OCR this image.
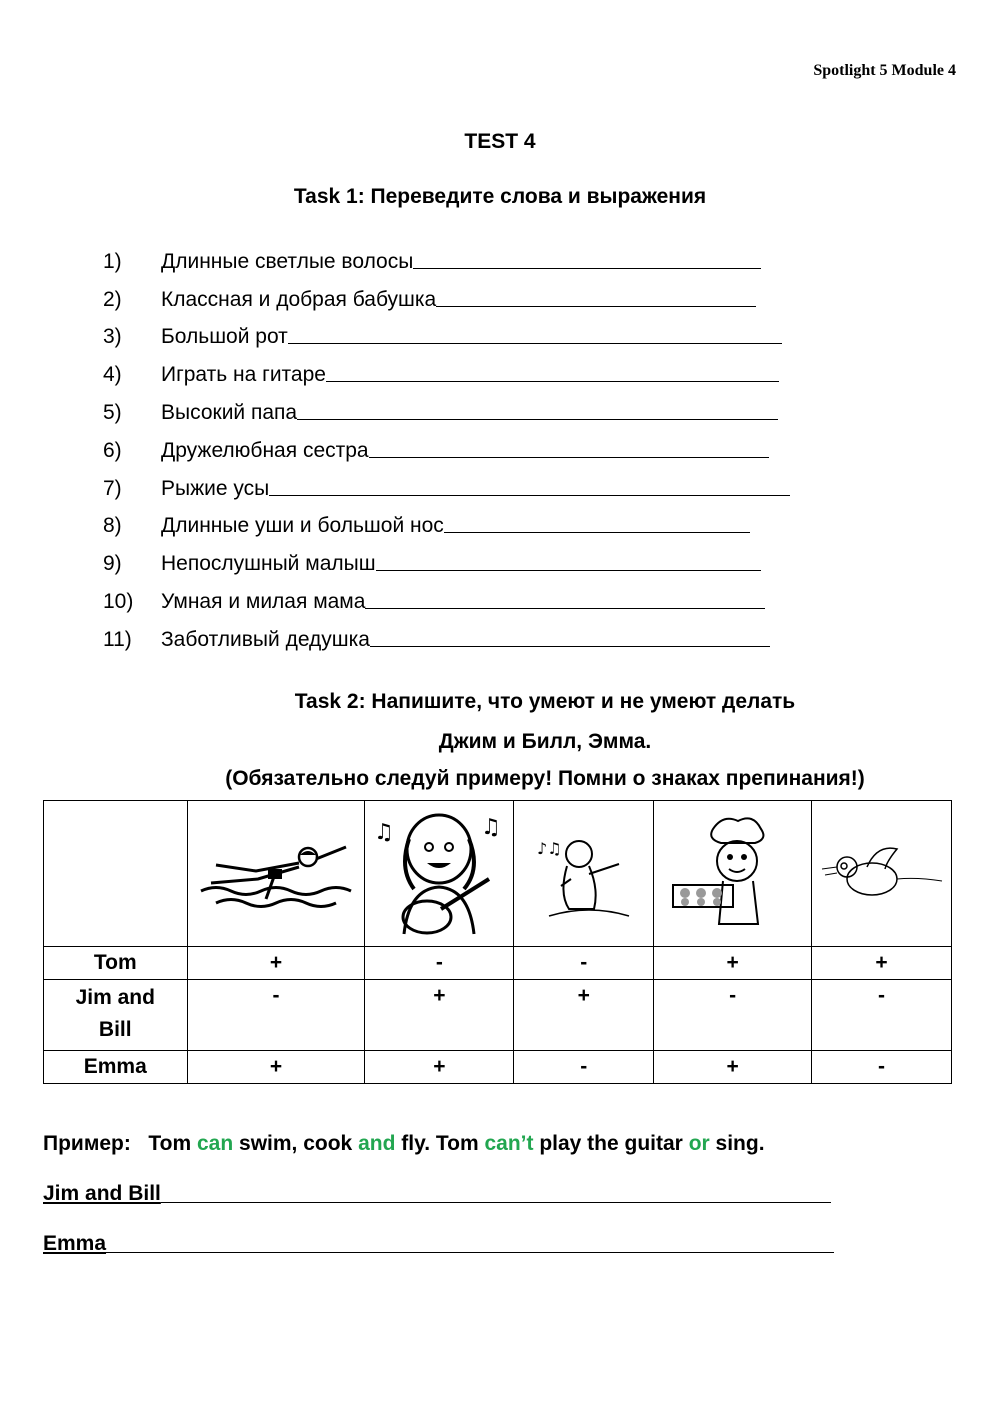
Spotlight 5 Module 4
TEST 4
Task 1: Переведите слова и выражения
1)	Длинные светлые волосы
2)	Классная и добрая бабушка
3)	Большой рот
4)	Играть на гитаре
5)	Высокий папа
6)	Дружелюбная сестра
7)	Рыжие усы
8)	Длинные уши и большой нос
9)	Непослушный малыш
10)	Умная и милая мама
11)	Заботливый дедушка
Task 2: Напишите, что умеют и не умеют делать
Джим и Билл, Эмма.
(Обязательно следуй примеру! Помни о знаках препинания!)

♫ ♫	♪♫

Tom	+	-	-	+	+
Jim and Bill	-	+	+	-	-
Emma	+	+	-	+	-
Пример: Tom can swim, cook and fly. Tom can’t play the guitar or sing.
Jim and Bill
Emma
